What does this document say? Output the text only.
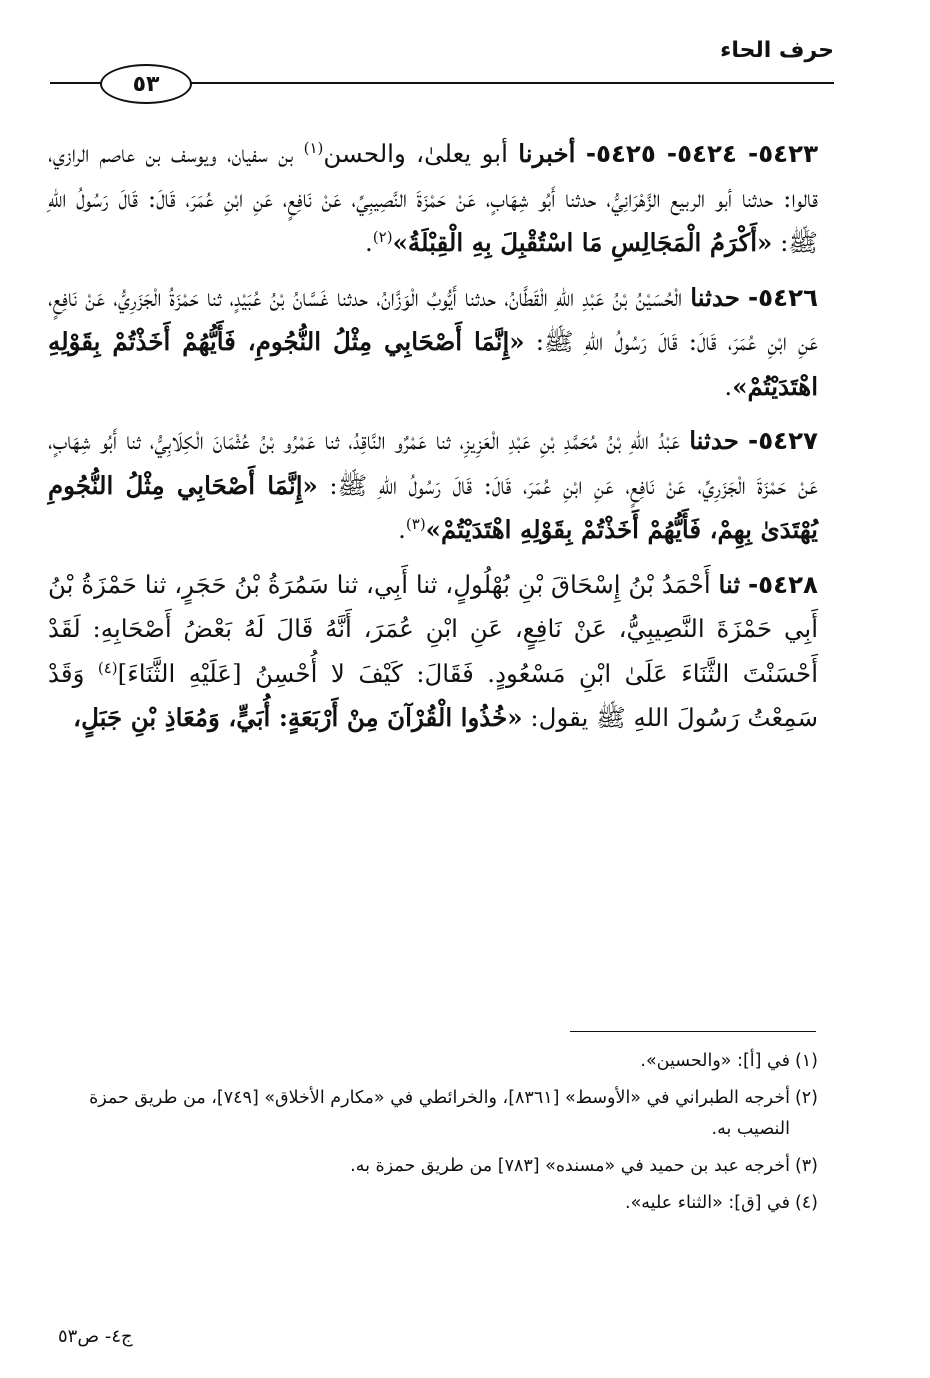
حرف الحاء
٥٣

٥٤٢٣- ٥٤٢٤- ٥٤٢٥- أخبرنا أبو يعلىٰ، والحسن$^{(١)}$ بن سفيان، ويوسف بن عاصم الرازي، قالوا: حدثنا أبو الربيع الزَّهْرَانِيُّ، حدثنا أَبُو شِهَابٍ، عَنْ حَمْزَةَ النَّصِيبِيِّ، عَنْ نَافِعٍ، عَنِ ابْنِ عُمَرَ، قَالَ: قَالَ رَسُولُ اللهِ ﷺ: «أَكْرَمُ الْمَجَالِسِ مَا اسْتُقْبِلَ بِهِ الْقِبْلَةُ»$^{(٢)}$.

٥٤٢٦- حدثنا الْحُسَيْنُ بْنُ عَبْدِ اللهِ الْقَطَّانُ، حدثنا أَيُّوبُ الْوَزَّانُ، حدثنا غَسَّانُ بْنُ عُبَيْدٍ، ثنا حَمْزَةُ الْجَزَرِيُّ، عَنْ نَافِعٍ، عَنِ ابْنِ عُمَرَ، قَالَ: قَالَ رَسُولُ اللهِ ﷺ: «إِنَّمَا أَصْحَابِي مِثْلُ النُّجُومِ، فَأَيُّهُمْ أَخَذْتُمْ بِقَوْلِهِ اهْتَدَيْتُمْ».

٥٤٢٧- حدثنا عَبْدُ اللهِ بْنُ مُحَمَّدِ بْنِ عَبْدِ الْعَزِيزِ، ثنا عَمْرٌو النَّاقِدُ، ثنا عَمْرُو بْنُ عُثْمَانَ الْكِلَابِيُّ، ثنا أَبُو شِهَابٍ، عَنْ حَمْزَةَ الْجَزَرِيِّ، عَنْ نَافِعٍ، عَنِ ابْنِ عُمَرَ، قَالَ: قَالَ رَسُولُ اللهِ ﷺ: «إِنَّمَا أَصْحَابِي مِثْلُ النُّجُومِ يُهْتَدَىٰ بِهِمْ، فَأَيُّهُمْ أَخَذْتُمْ بِقَوْلِهِ اهْتَدَيْتُمْ»$^{(٣)}$.

٥٤٢٨- ثنا أَحْمَدُ بْنُ إِسْحَاقَ بْنِ بُهْلُولٍ، ثنا أَبِي، ثنا سَمُرَةُ بْنُ حَجَرٍ، ثنا حَمْزَةُ بْنُ أَبِي حَمْزَةَ النَّصِيبِيُّ، عَنْ نَافِعٍ، عَنِ ابْنِ عُمَرَ، أَنَّهُ قَالَ لَهُ بَعْضُ أَصْحَابِهِ: لَقَدْ أَحْسَنْتَ الثَّنَاءَ عَلَىٰ ابْنِ مَسْعُودٍ. فَقَالَ: كَيْفَ لا أُحْسِنُ [عَلَيْهِ الثَّنَاءَ]$^{(٤)}$ وَقَدْ سَمِعْتُ رَسُولَ اللهِ ﷺ يقول: «خُذُوا الْقُرْآنَ مِنْ أَرْبَعَةٍ: أُبَيٍّ، وَمُعَاذِ بْنِ جَبَلٍ،

(١)في [أ]: «والحسين».

(٢)أخرجه الطبراني في «الأوسط» [٨٣٦١]، والخرائطي في «مكارم الأخلاق» [٧٤٩]، من طريق حمزة النصيب به.

(٣)أخرجه عبد بن حميد في «مسنده» [٧٨٣] من طريق حمزة به.

(٤)في [ق]: «الثناء عليه».

ج٤- ص٥٣
